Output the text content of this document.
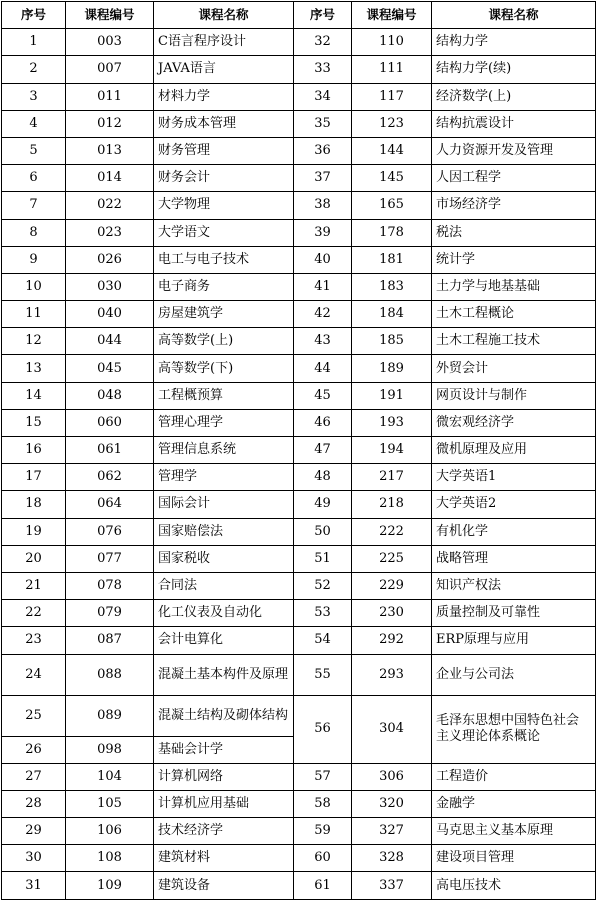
序号	课程编号	课程名称	序号	课程编号	课程名称
1	003	C语言程序设计	32	110	结构力学
2	007	JAVA语言	33	111	结构力学(续)
3	011	材料力学	34	117	经济数学(上)
4	012	财务成本管理	35	123	结构抗震设计
5	013	财务管理	36	144	人力资源开发及管理
6	014	财务会计	37	145	人因工程学
7	022	大学物理	38	165	市场经济学
8	023	大学语文	39	178	税法
9	026	电工与电子技术	40	181	统计学
10	030	电子商务	41	183	土力学与地基基础
11	040	房屋建筑学	42	184	土木工程概论
12	044	高等数学(上)	43	185	土木工程施工技术
13	045	高等数学(下)	44	189	外贸会计
14	048	工程概预算	45	191	网页设计与制作
15	060	管理心理学	46	193	微宏观经济学
16	061	管理信息系统	47	194	微机原理及应用
17	062	管理学	48	217	大学英语1
18	064	国际会计	49	218	大学英语2
19	076	国家赔偿法	50	222	有机化学
20	077	国家税收	51	225	战略管理
21	078	合同法	52	229	知识产权法
22	079	化工仪表及自动化	53	230	质量控制及可靠性
23	087	会计电算化	54	292	ERP原理与应用
24	088	混凝土基本构件及原理	55	293	企业与公司法
25	089	混凝土结构及砌体结构	56	304	毛泽东思想中国特色社会主义理论体系概论
26	098	基础会计学			
27	104	计算机网络	57	306	工程造价
28	105	计算机应用基础	58	320	金融学
29	106	技术经济学	59	327	马克思主义基本原理
30	108	建筑材料	60	328	建设项目管理
31	109	建筑设备	61	337	高电压技术
